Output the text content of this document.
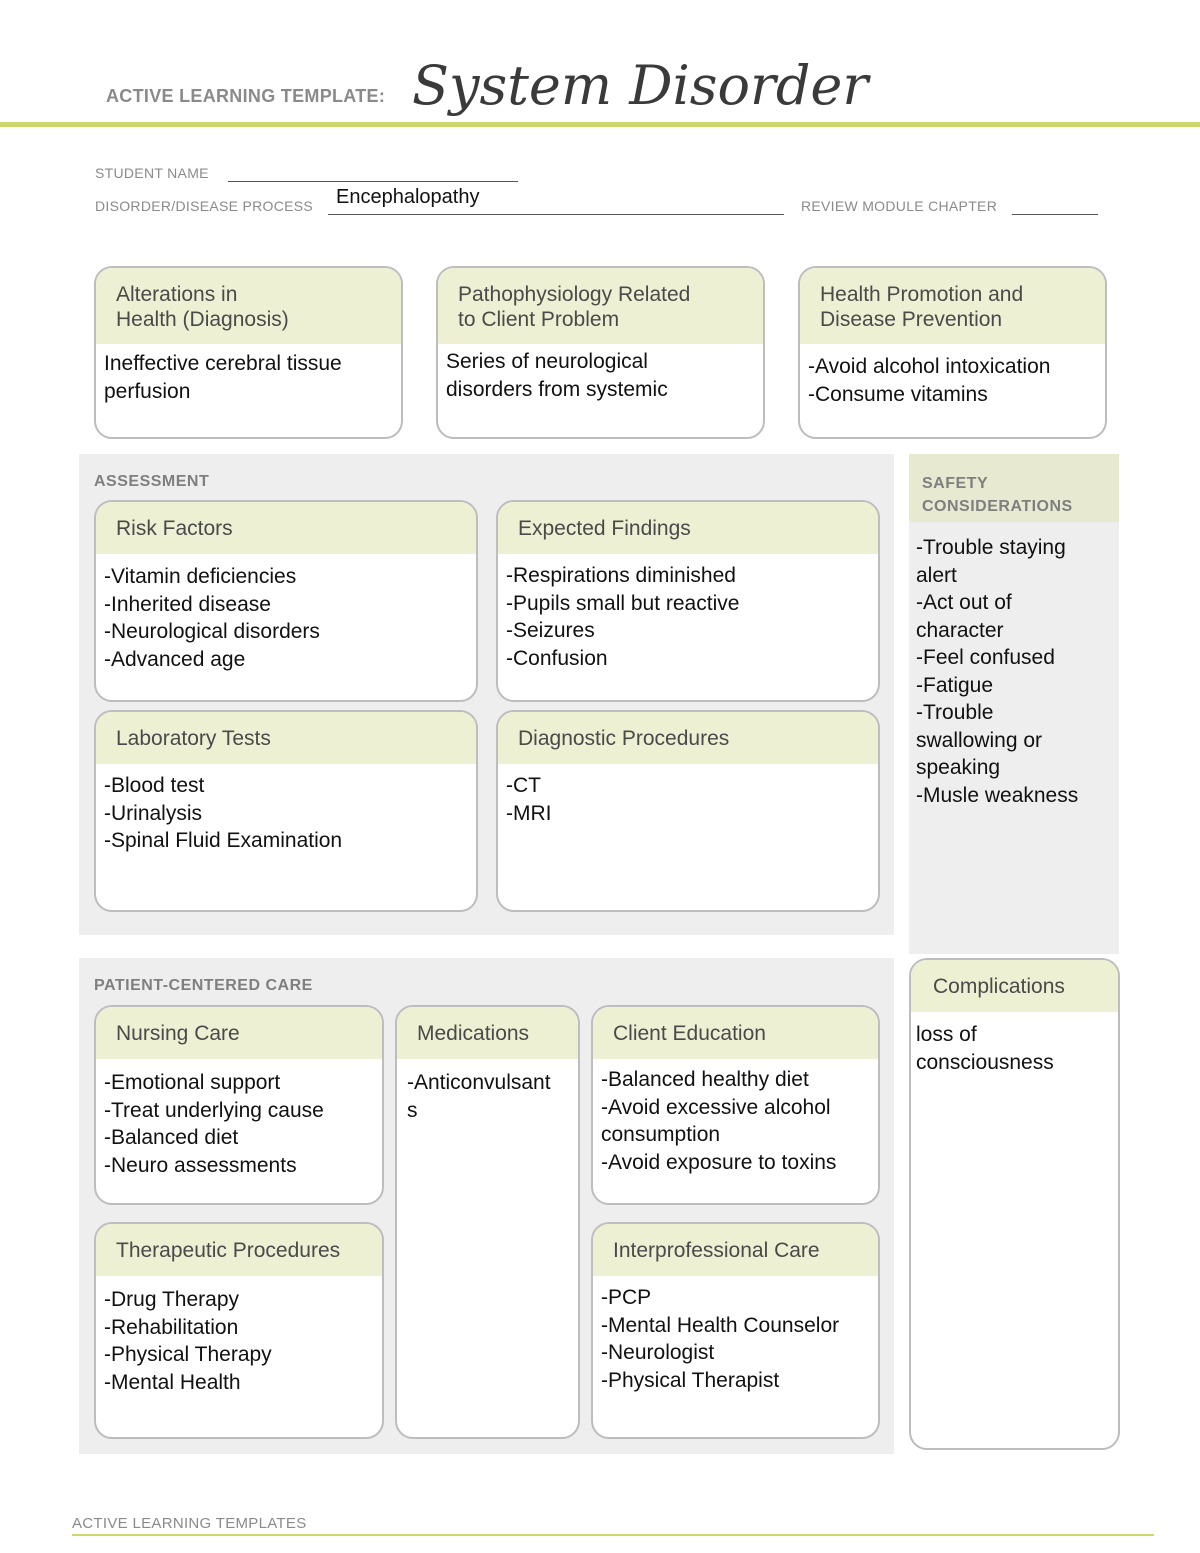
ACTIVE LEARNING TEMPLATE: System Disorder
STUDENT NAME
DISORDER/DISEASE PROCESS Encephalopathy	REVIEW MODULE CHAPTER
Alterations in
Health (Diagnosis)
Ineffective cerebral tissue
perfusion
Pathophysiology Related
to Client Problem
Series of neurological
disorders from systemic
Health Promotion and
Disease Prevention
-Avoid alcohol intoxication
-Consume vitamins
ASSESSMENT
Risk Factors
-Vitamin deficiencies
-Inherited disease
-Neurological disorders
-Advanced age
Expected Findings
-Respirations diminished
-Pupils small but reactive
-Seizures
-Confusion
Laboratory Tests
-Blood test
-Urinalysis
-Spinal Fluid Examination
Diagnostic Procedures
-CT
-MRI
SAFETY
CONSIDERATIONS
-Trouble staying
alert
-Act out of
character
-Feel confused
-Fatigue
-Trouble
swallowing or
speaking
-Musle weakness
PATIENT-CENTERED CARE
Nursing Care
-Emotional support
-Treat underlying cause
-Balanced diet
-Neuro assessments
Medications
-Anticonvulsant
s
Client Education
-Balanced healthy diet
-Avoid excessive alcohol
consumption
-Avoid exposure to toxins
Therapeutic Procedures
-Drug Therapy
-Rehabilitation
-Physical Therapy
-Mental Health
Interprofessional Care
-PCP
-Mental Health Counselor
-Neurologist
-Physical Therapist
Complications
loss of
consciousness
ACTIVE LEARNING TEMPLATES
